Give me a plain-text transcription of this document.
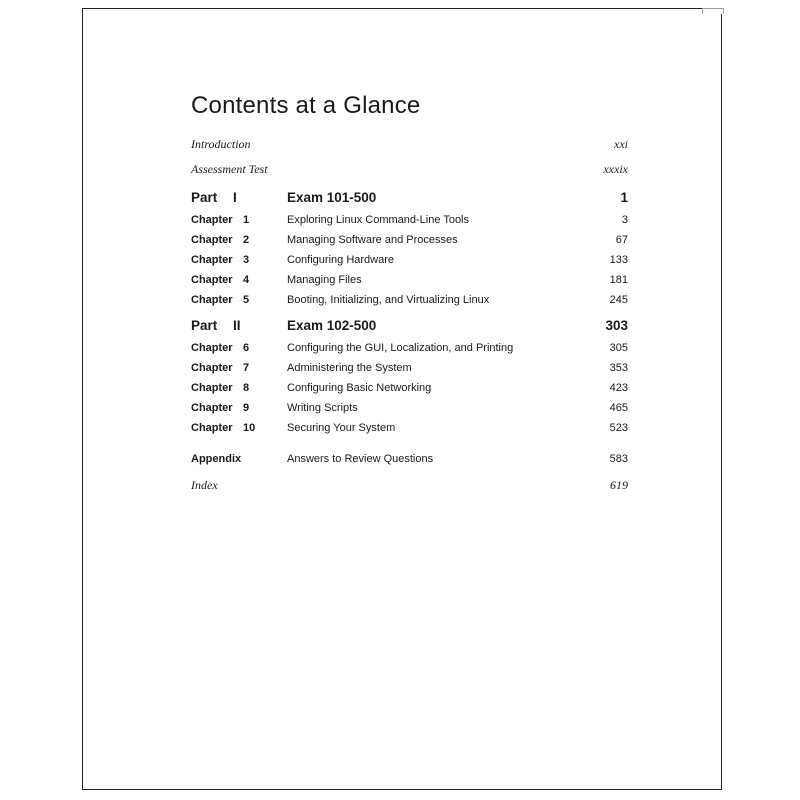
Contents at a Glance
Introduction	xxi
Assessment Test	xxxix
Part I	Exam 101-500	1
Chapter 1	Exploring Linux Command-Line Tools	3
Chapter 2	Managing Software and Processes	67
Chapter 3	Configuring Hardware	133
Chapter 4	Managing Files	181
Chapter 5	Booting, Initializing, and Virtualizing Linux	245
Part II	Exam 102-500	303
Chapter 6	Configuring the GUI, Localization, and Printing	305
Chapter 7	Administering the System	353
Chapter 8	Configuring Basic Networking	423
Chapter 9	Writing Scripts	465
Chapter 10	Securing Your System	523
Appendix	Answers to Review Questions	583
Index	619
